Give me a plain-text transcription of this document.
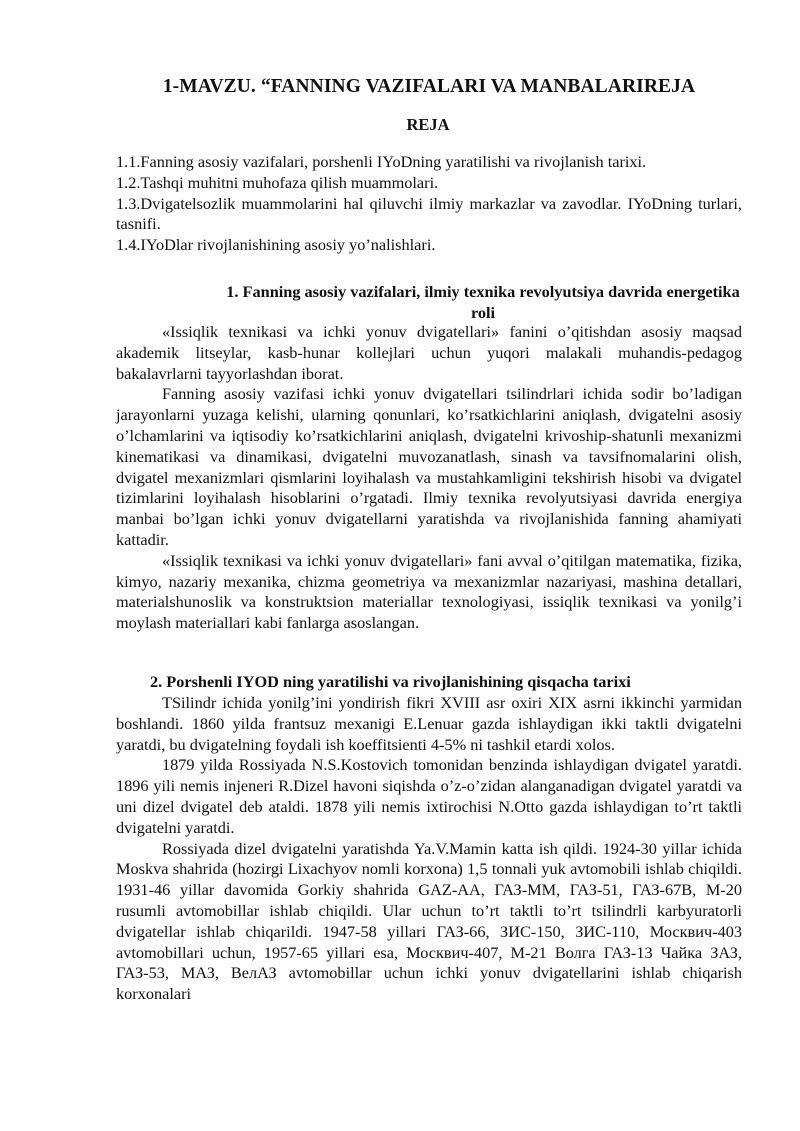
1-MAVZU. “FANNING VAZIFALARI VA MANBALARIREJA
REJA

1.1.Fanning asosiy vazifalari, porshenli IYoDning yaratilishi va rivojlanish tarixi.

1.2.Tashqi muhitni muhofaza qilish muammolari.

1.3.Dvigatelsozlik muammolarini hal qiluvchi ilmiy markazlar va zavodlar. IYoDning turlari, tasnifi.

1.4.IYoDlar rivojlanishining asosiy yo’nalishlari.

1. Fanning asosiy vazifalari, ilmiy texnika revolyutsiya davrida energetika roli

«Issiqlik texnikasi va ichki yonuv dvigatellari» fanini o’qitishdan asosiy maqsad akademik litseylar, kasb-hunar kollejlari uchun yuqori malakali muhandis-pedagog bakalavrlarni tayyorlashdan iborat.

Fanning asosiy vazifasi ichki yonuv dvigatellari tsilindrlari ichida sodir bo’ladigan jarayonlarni yuzaga kelishi, ularning qonunlari, ko’rsatkichlarini aniqlash, dvigatelni asosiy o’lchamlarini va iqtisodiy ko’rsatkichlarini aniqlash, dvigatelni krivoship-shatunli mexanizmi kinematikasi va dinamikasi, dvigatelni muvozanatlash, sinash va tavsifnomalarini olish, dvigatel mexanizmlari qismlarini loyihalash va mustahkamligini tekshirish hisobi va dvigatel tizimlarini loyihalash hisoblarini o’rgatadi. Ilmiy texnika revolyutsiyasi davrida energiya manbai bo’lgan ichki yonuv dvigatellarni yaratishda va rivojlanishida fanning ahamiyati kattadir.

«Issiqlik texnikasi va ichki yonuv dvigatellari» fani avval o’qitilgan matematika, fizika, kimyo, nazariy mexanika, chizma geometriya va mexanizmlar nazariyasi, mashina detallari, materialshunoslik va konstruktsion materiallar texnologiyasi, issiqlik texnikasi va yonilg’i moylash materiallari kabi fanlarga asoslangan.

2. Porshenli IYOD ning yaratilishi va rivojlanishining qisqacha tarixi

TSilindr ichida yonilg’ini yondirish fikri XVIII asr oxiri XIX asrni ikkinchi yarmidan boshlandi. 1860 yilda frantsuz mexanigi E.Lenuar gazda ishlaydigan ikki taktli dvigatelni yaratdi, bu dvigatelning foydali ish koeffitsienti 4-5% ni tashkil etardi xolos.

1879 yilda Rossiyada N.S.Kostovich tomonidan benzinda ishlaydigan dvigatel yaratdi. 1896 yili nemis injeneri R.Dizel havoni siqishda o’z-o’zidan alanganadigan dvigatel yaratdi va uni dizel dvigatel deb ataldi. 1878 yili nemis ixtirochisi N.Otto gazda ishlaydigan to’rt taktli dvigatelni yaratdi.

Rossiyada dizel dvigatelni yaratishda Ya.V.Mamin katta ish qildi. 1924-30 yillar ichida Moskva shahrida (hozirgi Lixachyov nomli korxona) 1,5 tonnali yuk avtomobili ishlab chiqildi. 1931-46 yillar davomida Gorkiy shahrida GAZ-AA, ГАЗ-ММ, ГАЗ-51, ГАЗ-67В, М-20 rusumli avtomobillar ishlab chiqildi. Ular uchun to’rt taktli to’rt tsilindrli karbyuratorli dvigatellar ishlab chiqarildi. 1947-58 yillari ГАЗ-66, ЗИС-150, ЗИС-110, Москвич-403 avtomobillari uchun, 1957-65 yillari esa, Москвич-407, М-21 Волга ГАЗ-13 Чайка ЗАЗ, ГАЗ-53, МАЗ, ВелАЗ avtomobillar uchun ichki yonuv dvigatellarini ishlab chiqarish korxonalari
